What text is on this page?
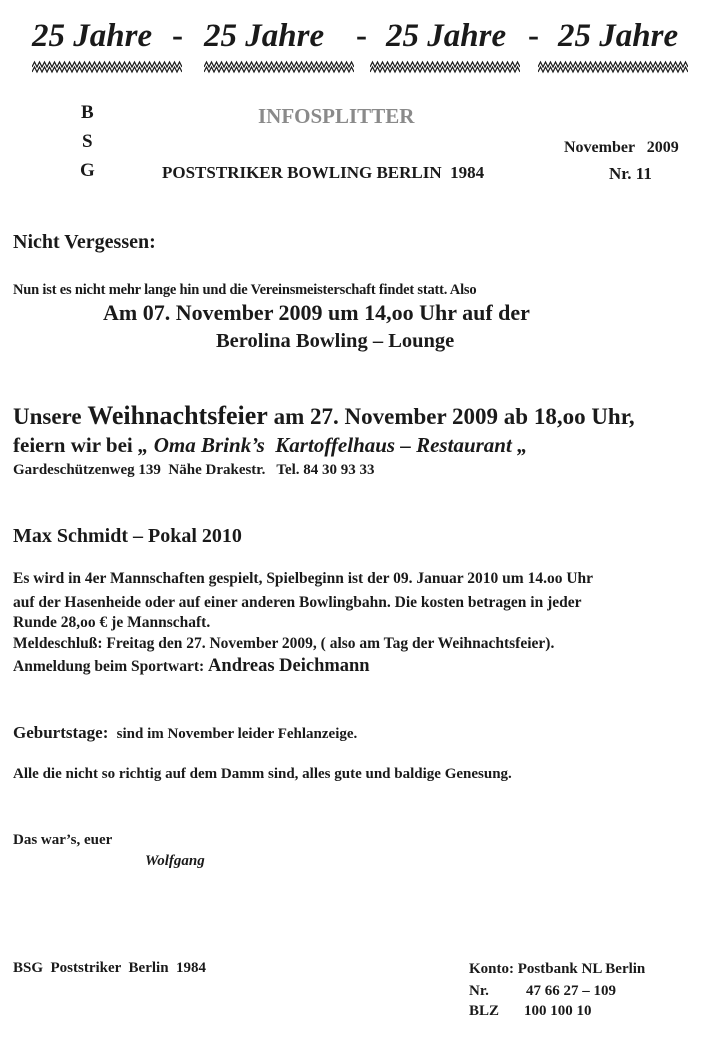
25 Jahre - 25 Jahre - 25 Jahre - 25 Jahre
B
S
G
INFOSPLITTER
November   2009
POSTSTRIKER BOWLING BERLIN  1984	Nr. 11
Nicht Vergessen:
Nun ist es nicht mehr lange hin und die Vereinsmeisterschaft findet statt. Also
Am 07. November 2009 um 14,oo Uhr auf der
Berolina Bowling – Lounge
Unsere Weihnachtsfeier am 27. November 2009 ab 18,oo Uhr,
feiern wir bei „ Oma Brink’s  Kartoffelhaus – Restaurant „
Gardeschützenweg 139  Nähe Drakestr.   Tel. 84 30 93 33
Max Schmidt – Pokal 2010
Es wird in 4er Mannschaften gespielt, Spielbeginn ist der 09. Januar 2010 um 14.oo Uhr
auf der Hasenheide oder auf einer anderen Bowlingbahn. Die kosten betragen in jeder
Runde 28,oo € je Mannschaft.
Meldeschluß: Freitag den 27. November 2009, ( also am Tag der Weihnachtsfeier).
Anmeldung beim Sportwart: Andreas Deichmann
Geburtstage: sind im November leider Fehlanzeige.
Alle die nicht so richtig auf dem Damm sind, alles gute und baldige Genesung.
Das war’s, euer
Wolfgang
BSG  Poststriker  Berlin  1984	Konto: Postbank NL Berlin
Nr. 47 66 27 – 109
BLZ 100 100 10
